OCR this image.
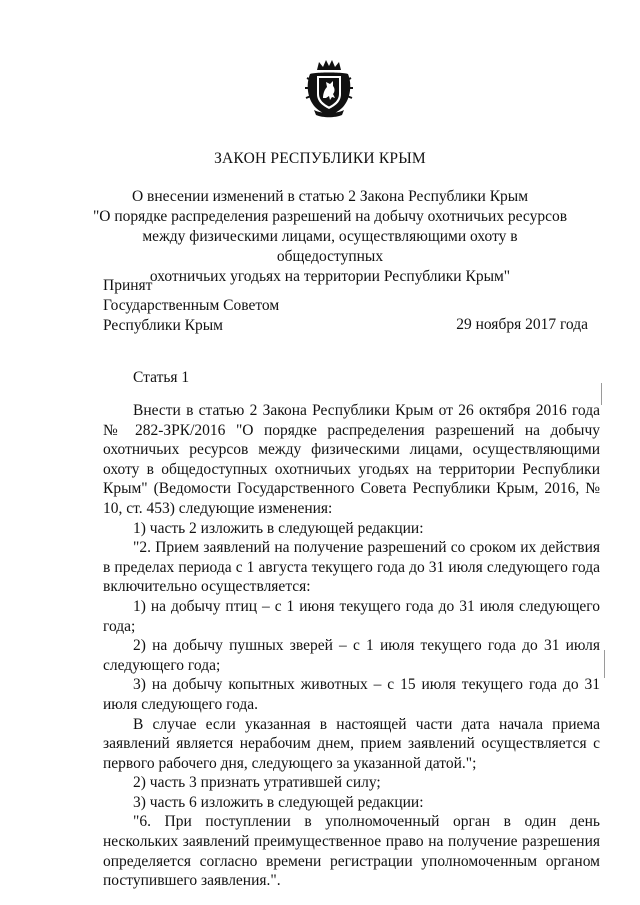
ЗАКОН РЕСПУБЛИКИ КРЫМ
О внесении изменений в статью 2 Закона Республики Крым
"О порядке распределения разрешений на добычу охотничьих ресурсов
между физическими лицами, осуществляющими охоту в общедоступных
охотничьих угодьях на территории Республики Крым"
Принят
Государственным Советом
Республики Крым	29 ноября 2017 года
Статья 1

Внести в статью 2 Закона Республики Крым от 26 октября 2016 года № 282-ЗРК/2016 "О порядке распределения разрешений на добычу охотничьих ресурсов между физическими лицами, осуществляющими охоту в общедоступных охотничьих угодьях на территории Республики Крым" (Ведомости Государственного Совета Республики Крым, 2016, № 10, ст. 453) следующие изменения:

1) часть 2 изложить в следующей редакции:

"2. Прием заявлений на получение разрешений со сроком их действия в пределах периода с 1 августа текущего года до 31 июля следующего года включительно осуществляется:

1) на добычу птиц – с 1 июня текущего года до 31 июля следующего года;

2) на добычу пушных зверей – с 1 июля текущего года до 31 июля следующего года;

3) на добычу копытных животных – с 15 июля текущего года до 31 июля следующего года.

В случае если указанная в настоящей части дата начала приема заявлений является нерабочим днем, прием заявлений осуществляется с первого рабочего дня, следующего за указанной датой.";

2) часть 3 признать утратившей силу;

3) часть 6 изложить в следующей редакции:

"6. При поступлении в уполномоченный орган в один день нескольких заявлений преимущественное право на получение разрешения определяется согласно времени регистрации уполномоченным органом поступившего заявления.".
